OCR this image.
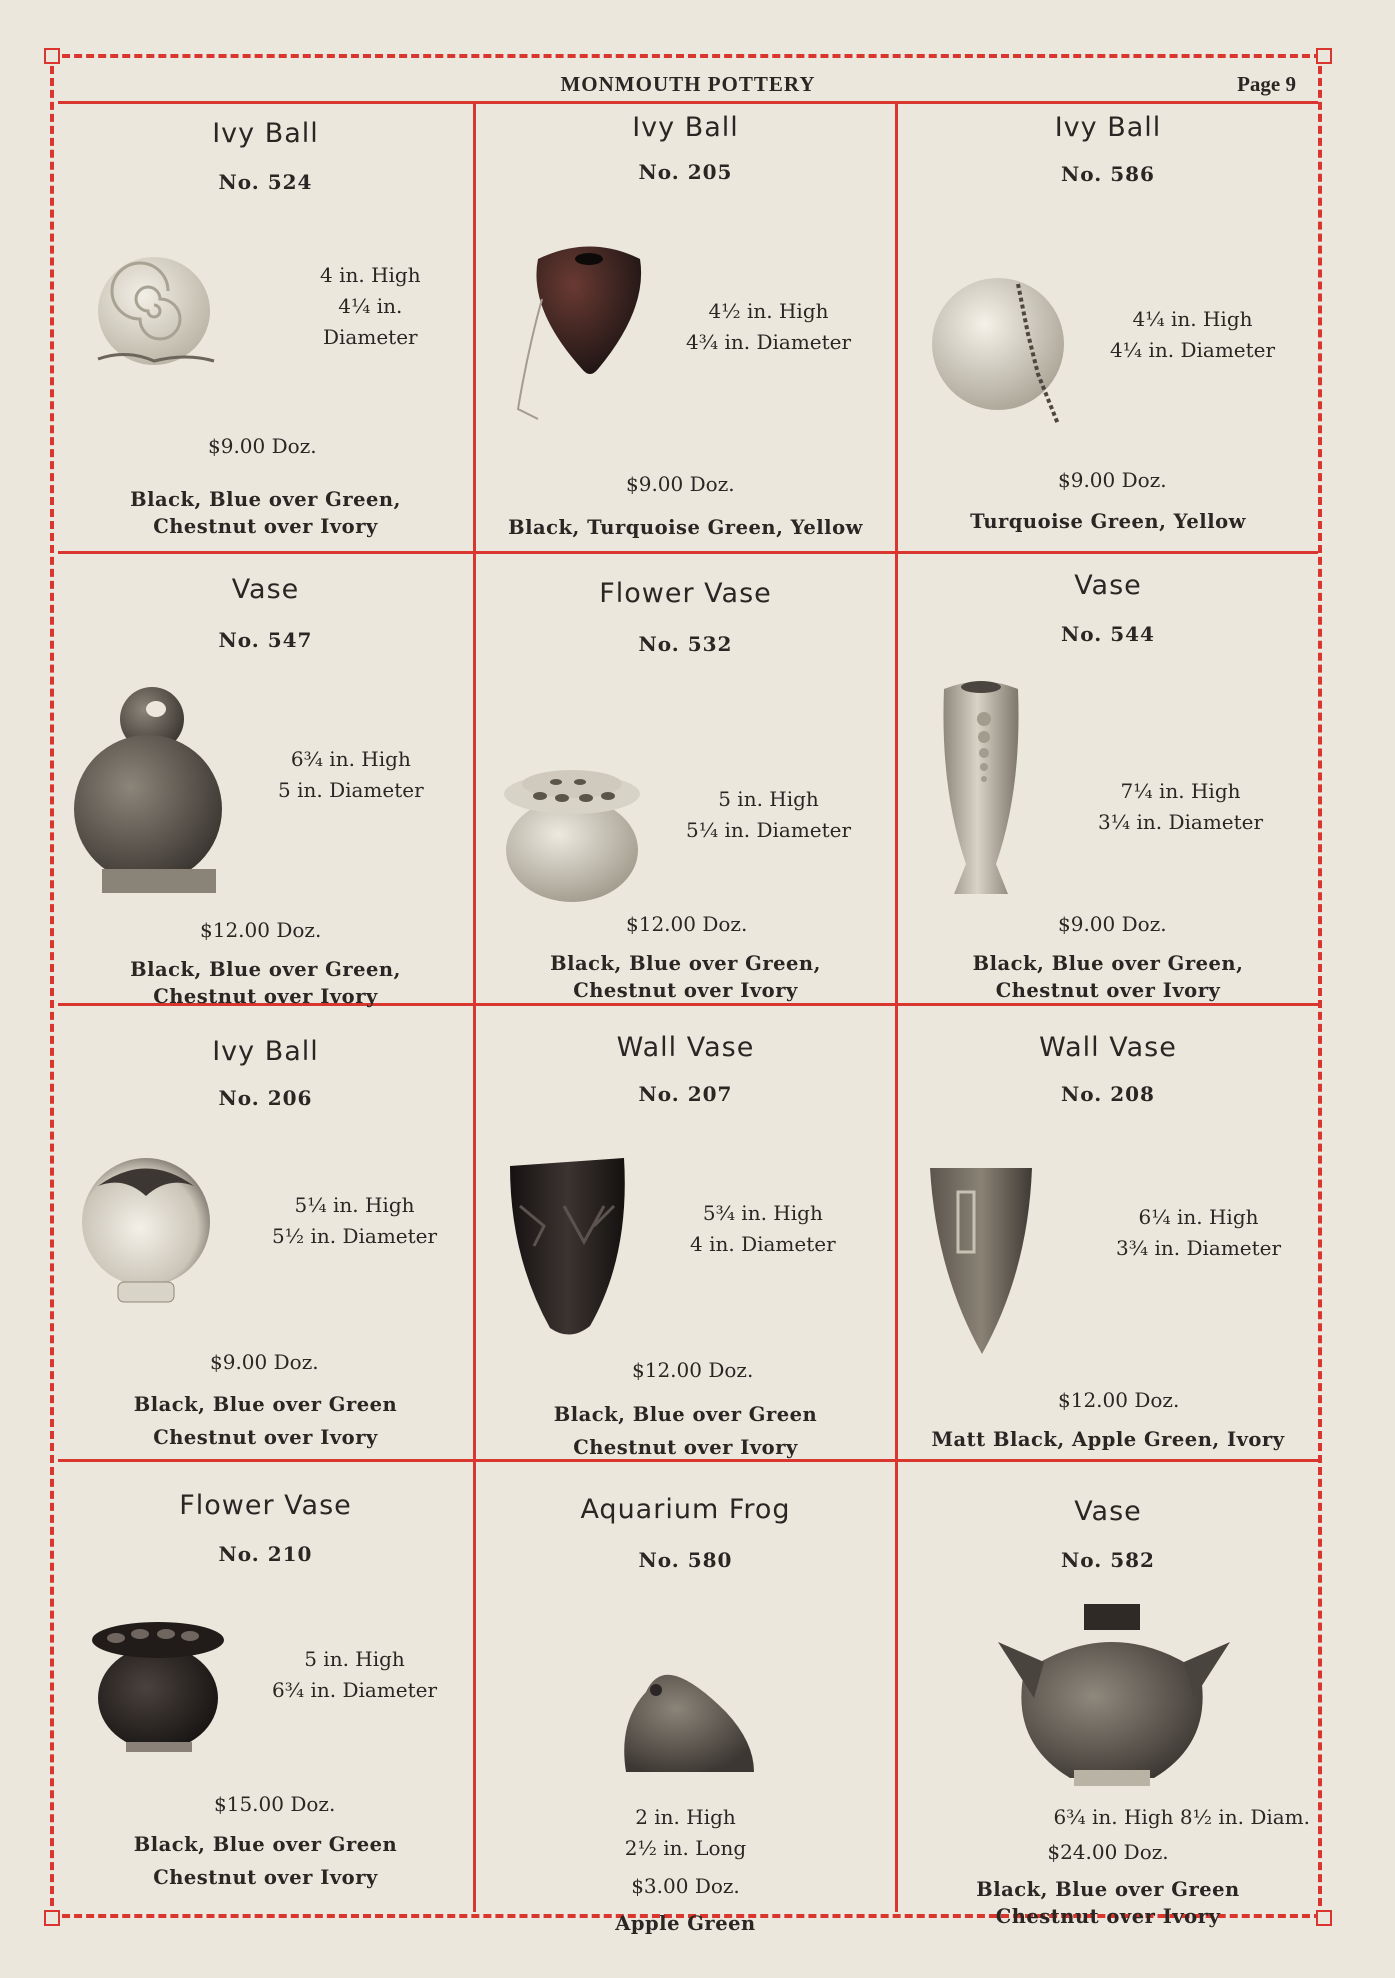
MONMOUTH POTTERY	Page 9
Ivy Ball
No. 524
4 in. High
4¼ in.
Diameter
$9.00 Doz.
Black, Blue over Green,
Chestnut over Ivory
Ivy Ball
No. 205
4½ in. High
4¾ in. Diameter
$9.00 Doz.
Black, Turquoise Green, Yellow
Ivy Ball
No. 586
4¼ in. High
4¼ in. Diameter
$9.00 Doz.
Turquoise Green, Yellow
Vase
No. 547
6¾ in. High
5 in. Diameter
$12.00 Doz.
Black, Blue over Green,
Chestnut over Ivory
Flower Vase
No. 532
5 in. High
5¼ in. Diameter
$12.00 Doz.
Black, Blue over Green,
Chestnut over Ivory
Vase
No. 544
7¼ in. High
3¼ in. Diameter
$9.00 Doz.
Black, Blue over Green,
Chestnut over Ivory
Ivy Ball
No. 206
5¼ in. High
5½ in. Diameter
$9.00 Doz.
Black, Blue over Green
Chestnut over Ivory
Wall Vase
No. 207
5¾ in. High
4 in. Diameter
$12.00 Doz.
Black, Blue over Green
Chestnut over Ivory
Wall Vase
No. 208
6¼ in. High
3¾ in. Diameter
$12.00 Doz.
Matt Black, Apple Green, Ivory
Flower Vase
No. 210
5 in. High
6¾ in. Diameter
$15.00 Doz.
Black, Blue over Green
Chestnut over Ivory
Aquarium Frog
No. 580
2 in. High
2½ in. Long
$3.00 Doz.
Apple Green
Vase
No. 582
6¾ in. High 8½ in. Diam.
$24.00 Doz.
Black, Blue over Green
Chestnut over Ivory
